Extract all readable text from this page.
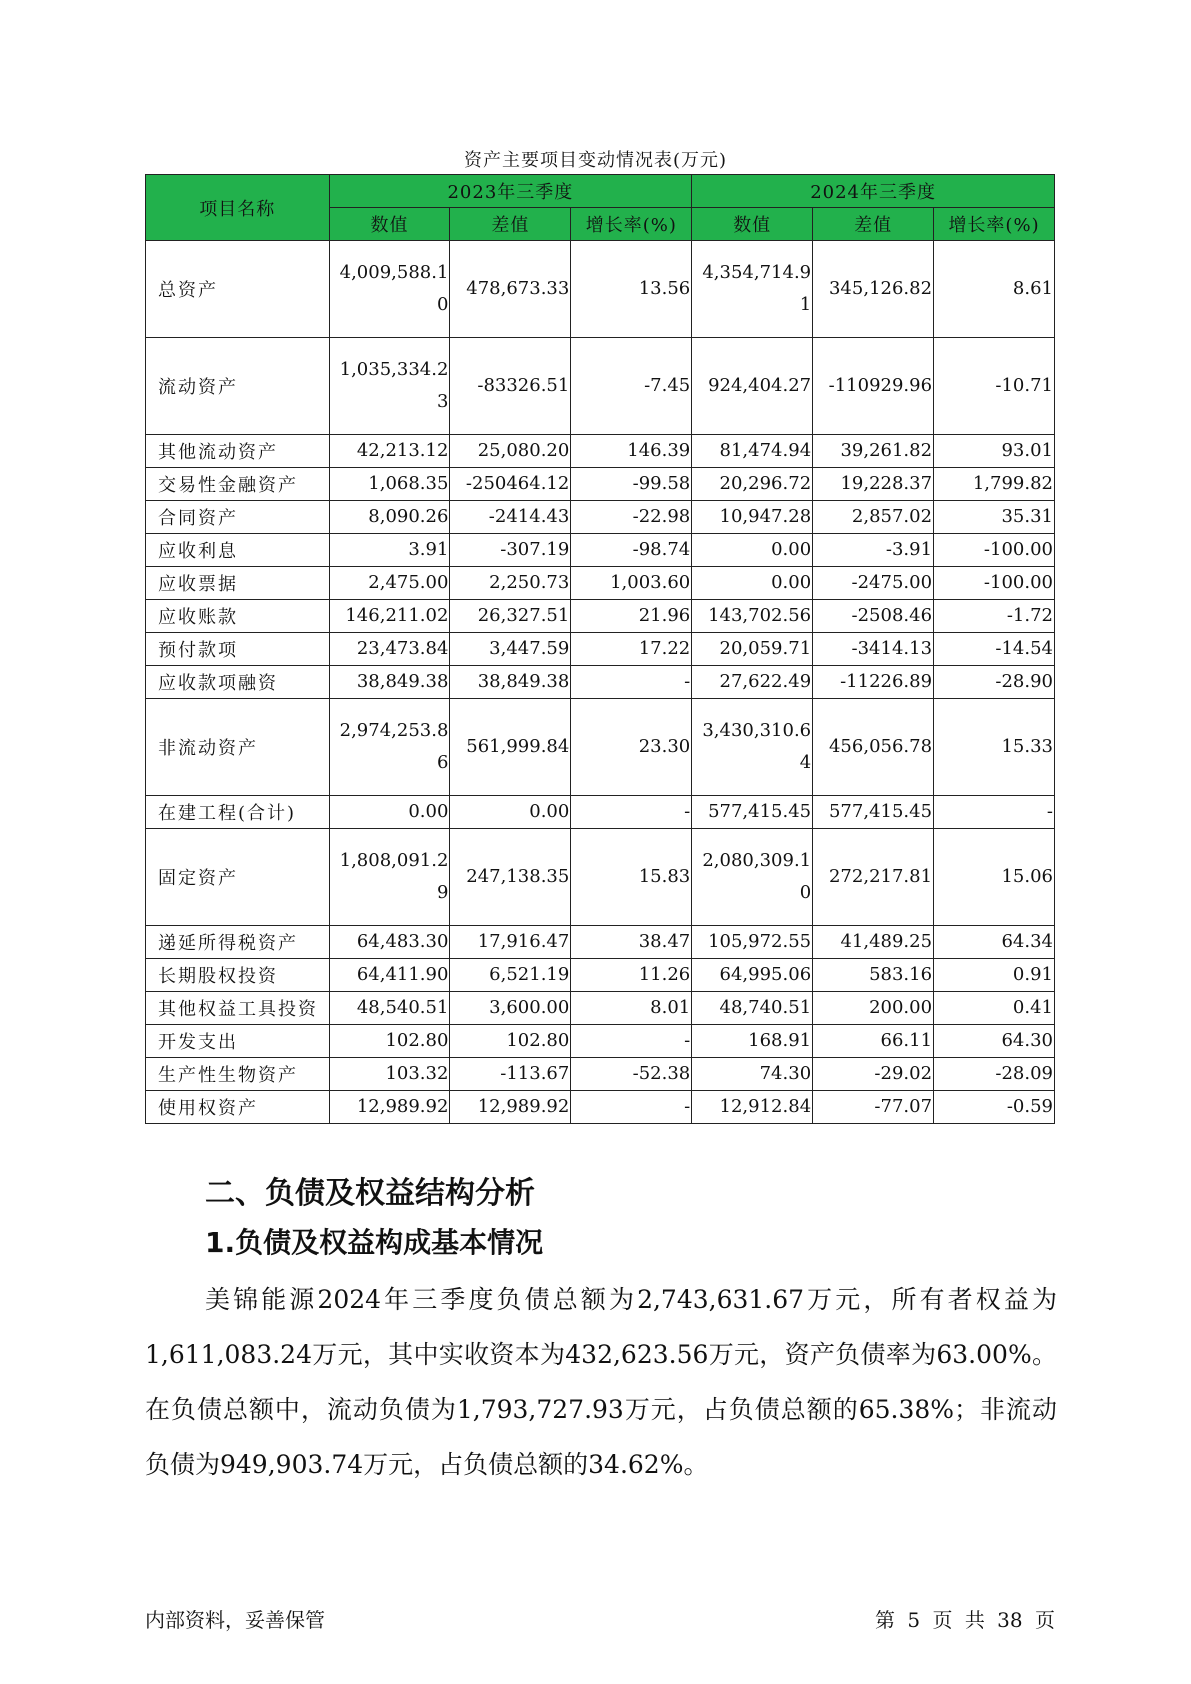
资产主要项目变动情况表(万元)
项目名称	2023年三季度			2024年三季度		
	数值	差值	增长率(%)	数值	差值	增长率(%)
总资产	4,009,588.10	478,673.33	13.56	4,354,714.91	345,126.82	8.61
流动资产	1,035,334.23	-83326.51	-7.45	924,404.27	-110929.96	-10.71
其他流动资产	42,213.12	25,080.20	146.39	81,474.94	39,261.82	93.01
交易性金融资产	1,068.35	-250464.12	-99.58	20,296.72	19,228.37	1,799.82
合同资产	8,090.26	-2414.43	-22.98	10,947.28	2,857.02	35.31
应收利息	3.91	-307.19	-98.74	0.00	-3.91	-100.00
应收票据	2,475.00	2,250.73	1,003.60	0.00	-2475.00	-100.00
应收账款	146,211.02	26,327.51	21.96	143,702.56	-2508.46	-1.72
预付款项	23,473.84	3,447.59	17.22	20,059.71	-3414.13	-14.54
应收款项融资	38,849.38	38,849.38	-	27,622.49	-11226.89	-28.90
非流动资产	2,974,253.86	561,999.84	23.30	3,430,310.64	456,056.78	15.33
在建工程(合计)	0.00	0.00	-	577,415.45	577,415.45	-
固定资产	1,808,091.29	247,138.35	15.83	2,080,309.10	272,217.81	15.06
递延所得税资产	64,483.30	17,916.47	38.47	105,972.55	41,489.25	64.34
长期股权投资	64,411.90	6,521.19	11.26	64,995.06	583.16	0.91
其他权益工具投资	48,540.51	3,600.00	8.01	48,740.51	200.00	0.41
开发支出	102.80	102.80	-	168.91	66.11	64.30
生产性生物资产	103.32	-113.67	-52.38	74.30	-29.02	-28.09
使用权资产	12,989.92	12,989.92	-	12,912.84	-77.07	-0.59
二、负债及权益结构分析
1.负债及权益构成基本情况
美锦能源2024年三季度负债总额为2,743,631.67万元，所有者权益为1,611,083.24万元，其中实收资本为432,623.56万元，资产负债率为63.00%。在负债总额中，流动负债为1,793,727.93万元，占负债总额的65.38%；非流动负债为949,903.74万元，占负债总额的34.62%。
内部资料，妥善保管	第 5 页 共 38 页
